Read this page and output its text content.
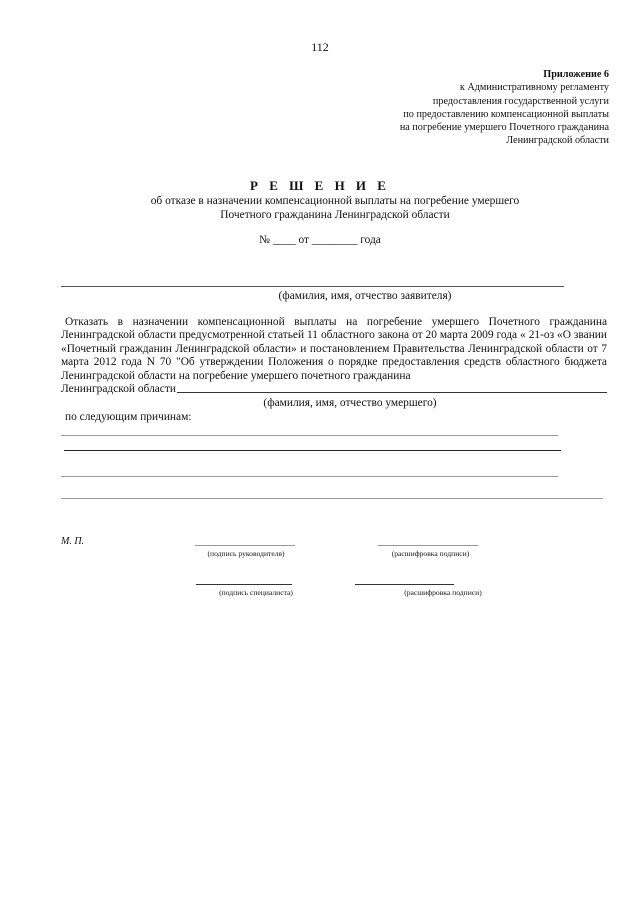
112
Приложение 6
к Административному регламенту
предоставления государственной услуги
по предоставлению компенсационной выплаты
на погребение умершего Почетного гражданина
Ленинградской области
Р Е Ш Е Н И Е
об отказе в назначении компенсационной выплаты на погребение умершего
Почетного гражданина Ленинградской области
№ ____ от ________ года
(фамилия, имя, отчество заявителя)
Отказать в назначении компенсационной выплаты на погребение умершего Почетного гражданина Ленинградской области предусмотренной статьей 11 областного закона от 20 марта 2009 года « 21-оз «О звании «Почетный гражданин Ленинградской области» и постановлением Правительства Ленинградской области от 7 марта 2012 года N 70 "Об утверждении Положения о порядке предоставления средств областного бюджета Ленинградской области на погребение умершего почетного гражданина
Ленинградской области
(фамилия, имя, отчество умершего)
по следующим причинам:
М. П.
(подпись руководителя)	(расшифровка подписи)
(подпись специалиста)	(расшифровка подписи)
